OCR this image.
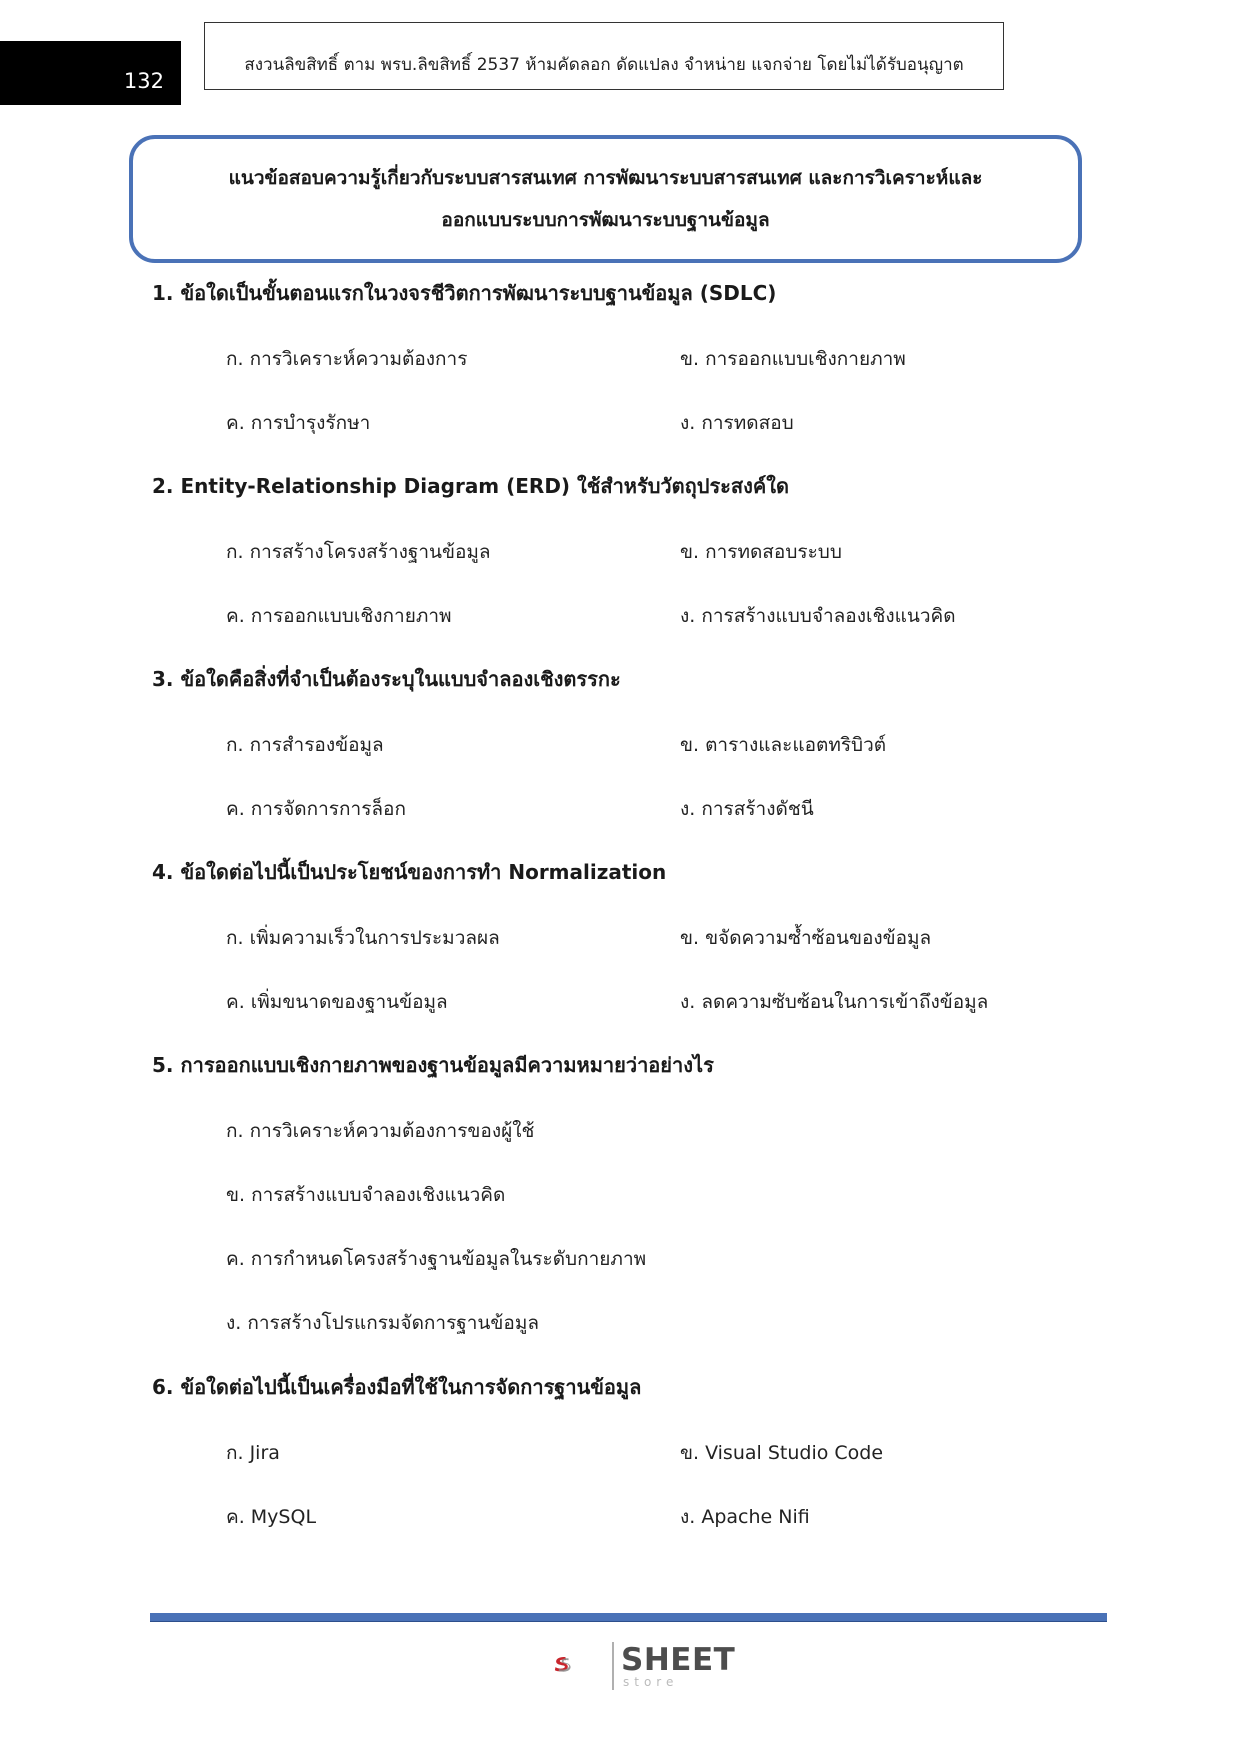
132
สงวนลิขสิทธิ์ ตาม พรบ.ลิขสิทธิ์ 2537 ห้ามคัดลอก ดัดแปลง จำหน่าย แจกจ่าย โดยไม่ได้รับอนุญาต
แนวข้อสอบความรู้เกี่ยวกับระบบสารสนเทศ การพัฒนาระบบสารสนเทศ และการวิเคราะห์และ
ออกแบบระบบการพัฒนาระบบฐานข้อมูล
1. ข้อใดเป็นขั้นตอนแรกในวงจรชีวิตการพัฒนาระบบฐานข้อมูล (SDLC)
ก. การวิเคราะห์ความต้องการ	ข. การออกแบบเชิงกายภาพ
ค. การบำรุงรักษา	ง. การทดสอบ
2. Entity-Relationship Diagram (ERD) ใช้สำหรับวัตถุประสงค์ใด
ก. การสร้างโครงสร้างฐานข้อมูล	ข. การทดสอบระบบ
ค. การออกแบบเชิงกายภาพ	ง. การสร้างแบบจำลองเชิงแนวคิด
3. ข้อใดคือสิ่งที่จำเป็นต้องระบุในแบบจำลองเชิงตรรกะ
ก. การสำรองข้อมูล	ข. ตารางและแอตทริบิวต์
ค. การจัดการการล็อก	ง. การสร้างดัชนี
4. ข้อใดต่อไปนี้เป็นประโยชน์ของการทำ Normalization
ก. เพิ่มความเร็วในการประมวลผล	ข. ขจัดความซ้ำซ้อนของข้อมูล
ค. เพิ่มขนาดของฐานข้อมูล	ง. ลดความซับซ้อนในการเข้าถึงข้อมูล
5. การออกแบบเชิงกายภาพของฐานข้อมูลมีความหมายว่าอย่างไร
ก. การวิเคราะห์ความต้องการของผู้ใช้
ข. การสร้างแบบจำลองเชิงแนวคิด
ค. การกำหนดโครงสร้างฐานข้อมูลในระดับกายภาพ
ง. การสร้างโปรแกรมจัดการฐานข้อมูล
6. ข้อใดต่อไปนี้เป็นเครื่องมือที่ใช้ในการจัดการฐานข้อมูล
ก. Jira	ข. Visual Studio Code
ค. MySQL	ง. Apache Nifi
SHEET
store
